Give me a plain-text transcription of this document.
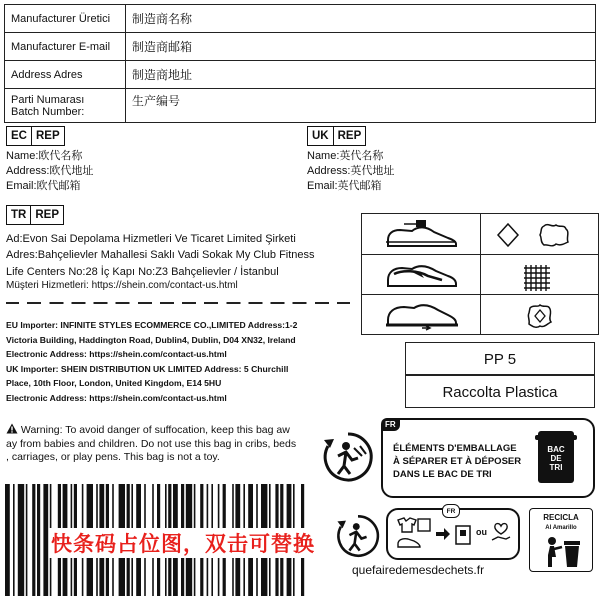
Manufacturer Üretici	制造商名称
Manufacturer E-mail	制造商邮箱
Address Adres	制造商地址

Parti Numarası
Batch Number:	生产编号
EC REP
Name:欧代名称
Address:欧代地址
Email:欧代邮箱
UK REP
Name:英代名称
Address:英代地址
Email:英代邮箱
TR REP
Ad:Evon Sai Depolama Hizmetleri Ve Ticaret Limited Şirketi
Adres:Bahçelievler Mahallesi Saklı Vadi Sokak My Club Fitness
Life Centers No:28 İç Kapı No:Z3 Bahçelievler / İstanbul
Müşteri Hizmetleri: https://shein.com/contact-us.html
EU Importer: INFINITE STYLES ECOMMERCE CO.,LIMITED Address:1-2
Victoria Building, Haddington Road, Dublin4, Dublin, D04 XN32, Ireland
Electronic Address: https://shein.com/contact-us.html
UK Importer: SHEIN DISTRIBUTION UK LIMITED Address: 5 Churchill
Place, 10th Floor, London, United Kingdom, E14 5HU
Electronic Address: https://shein.com/contact-us.html
PP 5
Raccolta Plastica
Warning: To avoid danger of suffocation, keep this bag aw
ay from babies and children. Do not use this bag in cribs, beds
, carriages, or play pens. This bag is not a toy.
FR
ÉLÉMENTS D'EMBALLAGE
À SÉPARER ET À DÉPOSER
DANS LE BAC DE TRI
BAC
DE
TRI
FR
ou
quefairedemesdechets.fr
RECICLA
Al Amarillo
快条码占位图，双击可替换
